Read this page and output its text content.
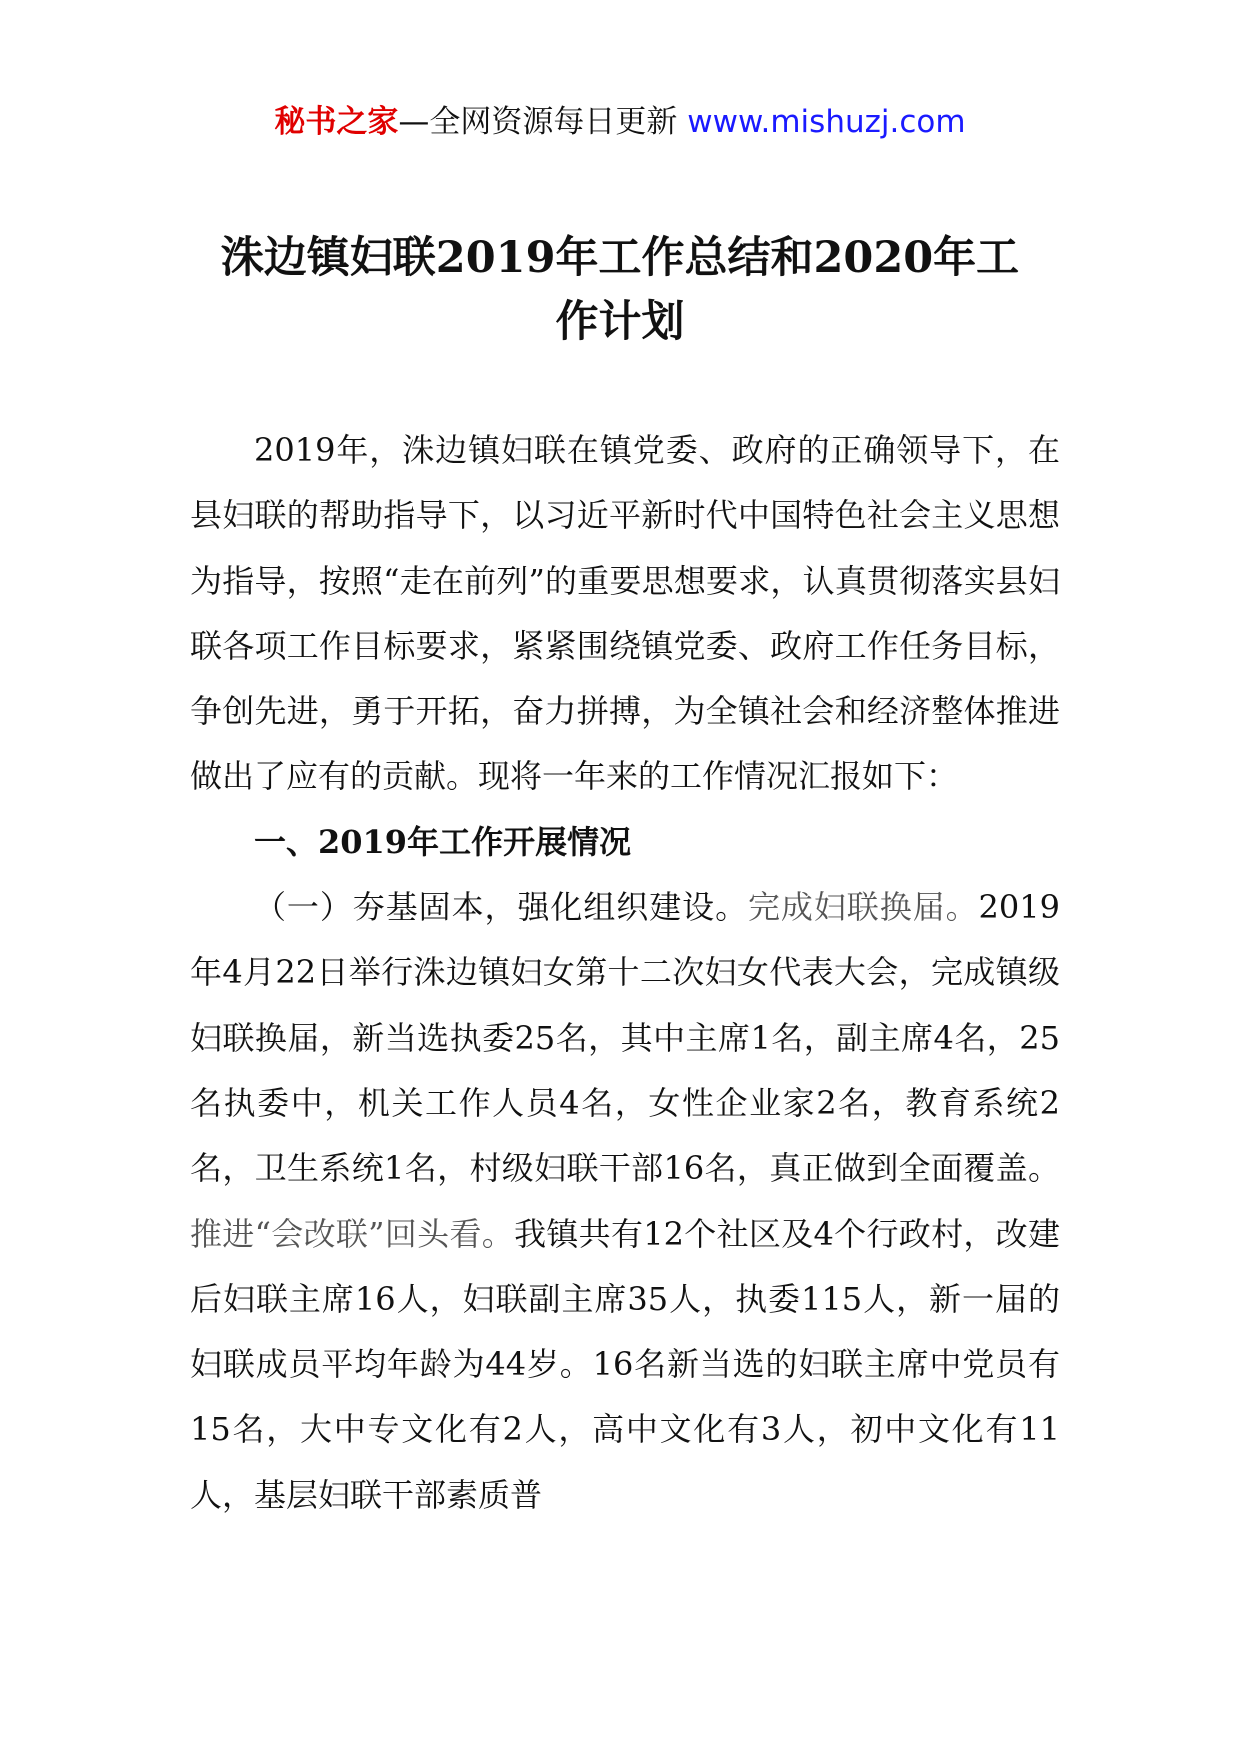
秘书之家—全网资源每日更新 www.mishuzj.com
洙边镇妇联2019年工作总结和2020年工
作计划

2019年，洙边镇妇联在镇党委、政府的正确领导下，在县妇联的帮助指导下，以习近平新时代中国特色社会主义思想为指导，按照“走在前列”的重要思想要求，认真贯彻落实县妇联各项工作目标要求，紧紧围绕镇党委、政府工作任务目标，争创先进，勇于开拓，奋力拼搏，为全镇社会和经济整体推进做出了应有的贡献。现将一年来的工作情况汇报如下：

一、2019年工作开展情况

（一）夯基固本，强化组织建设。完成妇联换届。2019年4月22日举行洙边镇妇女第十二次妇女代表大会，完成镇级妇联换届，新当选执委25名，其中主席1名，副主席4名，25名执委中，机关工作人员4名，女性企业家2名，教育系统2名，卫生系统1名，村级妇联干部16名，真正做到全面覆盖。推进“会改联”回头看。我镇共有12个社区及4个行政村，改建后妇联主席16人，妇联副主席35人，执委115人，新一届的妇联成员平均年龄为44岁。16名新当选的妇联主席中党员有15名，大中专文化有2人，高中文化有3人，初中文化有11人，基层妇联干部素质普
